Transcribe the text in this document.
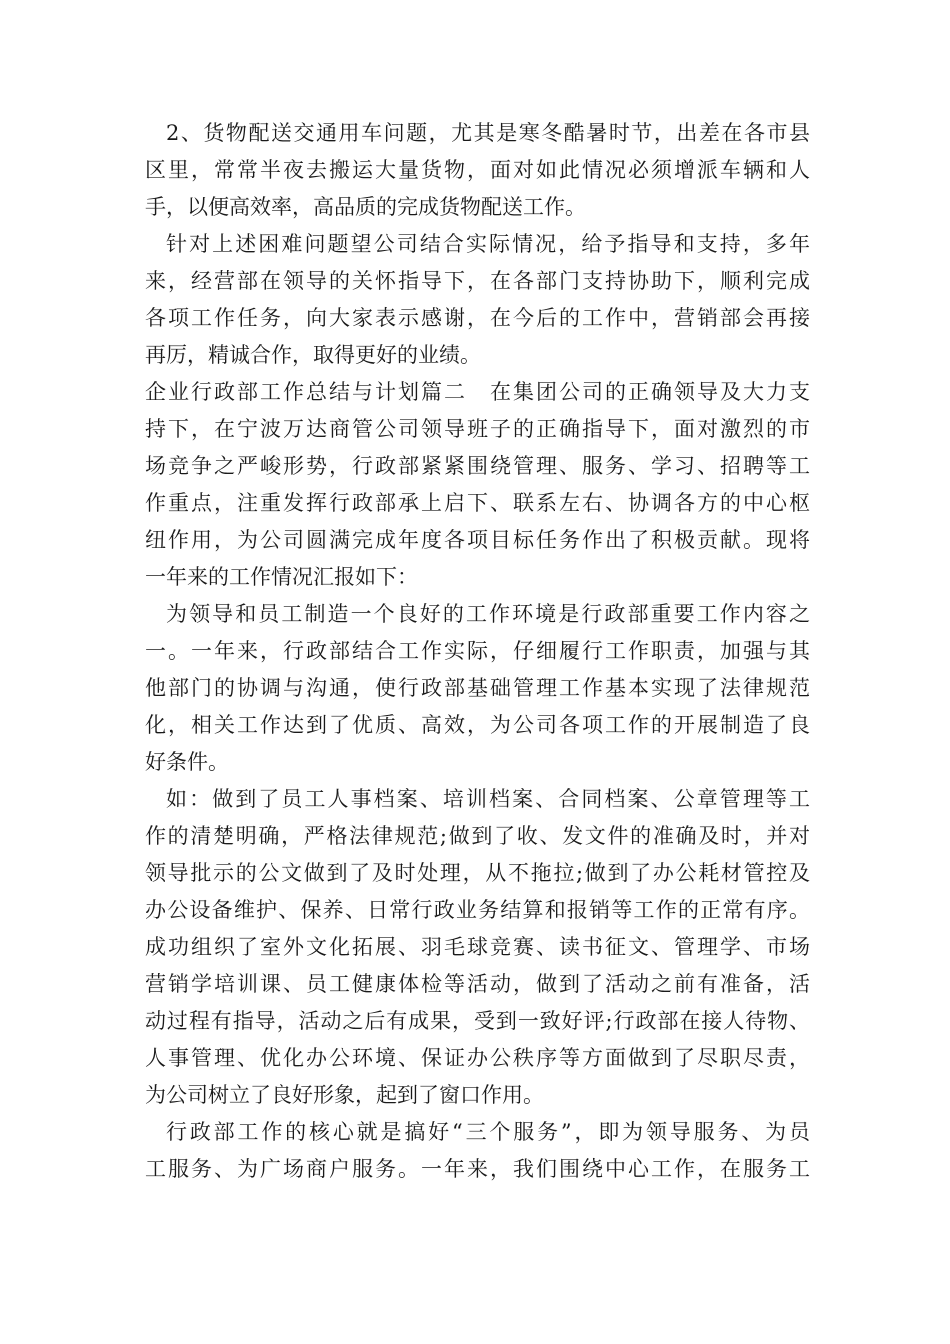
2、货物配送交通用车问题，尤其是寒冬酷暑时节，出差在各市县
区里，常常半夜去搬运大量货物，面对如此情况必须增派车辆和人
手，以便高效率，高品质的完成货物配送工作。
针对上述困难问题望公司结合实际情况，给予指导和支持，多年
来，经营部在领导的关怀指导下，在各部门支持协助下，顺利完成
各项工作任务，向大家表示感谢，在今后的工作中，营销部会再接
再厉，精诚合作，取得更好的业绩。
企业行政部工作总结与计划篇二　在集团公司的正确领导及大力支
持下，在宁波万达商管公司领导班子的正确指导下，面对激烈的市
场竞争之严峻形势，行政部紧紧围绕管理、服务、学习、招聘等工
作重点，注重发挥行政部承上启下、联系左右、协调各方的中心枢
纽作用，为公司圆满完成年度各项目标任务作出了积极贡献。现将
一年来的工作情况汇报如下：
为领导和员工制造一个良好的工作环境是行政部重要工作内容之
一。一年来，行政部结合工作实际，仔细履行工作职责，加强与其
他部门的协调与沟通，使行政部基础管理工作基本实现了法律规范
化，相关工作达到了优质、高效，为公司各项工作的开展制造了良
好条件。
如：做到了员工人事档案、培训档案、合同档案、公章管理等工
作的清楚明确，严格法律规范;做到了收、发文件的准确及时，并对
领导批示的公文做到了及时处理，从不拖拉;做到了办公耗材管控及
办公设备维护、保养、日常行政业务结算和报销等工作的正常有序。
成功组织了室外文化拓展、羽毛球竞赛、读书征文、管理学、市场
营销学培训课、员工健康体检等活动，做到了活动之前有准备，活
动过程有指导，活动之后有成果，受到一致好评;行政部在接人待物、
人事管理、优化办公环境、保证办公秩序等方面做到了尽职尽责，
为公司树立了良好形象，起到了窗口作用。
行政部工作的核心就是搞好“三个服务”，即为领导服务、为员
工服务、为广场商户服务。一年来，我们围绕中心工作，在服务工
